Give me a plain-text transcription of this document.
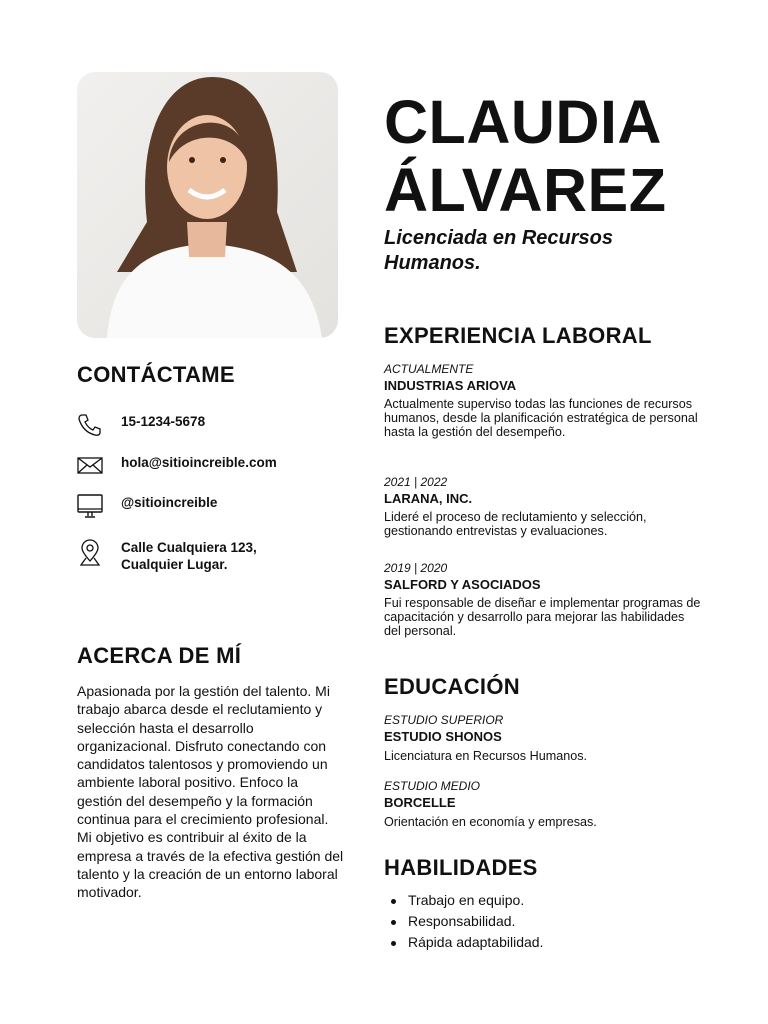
CLAUDIA
ÁLVAREZ
Licenciada en Recursos Humanos.
CONTÁCTAME
15-1234-5678
hola@sitioincreible.com
@sitioincreible
Calle Cualquiera 123, Cualquier Lugar.
ACERCA DE MÍ

Apasionada por la gestión del talento. Mi trabajo abarca desde el reclutamiento y selección hasta el desarrollo organizacional. Disfruto conectando con candidatos talentosos y promoviendo un ambiente laboral positivo. Enfoco la gestión del desempeño y la formación continua para el crecimiento profesional. Mi objetivo es contribuir al éxito de la empresa a través de la efectiva gestión del talento y la creación de un entorno laboral motivador.

EXPERIENCIA LABORAL
ACTUALMENTE
INDUSTRIAS ARIOVA
Actualmente superviso todas las funciones de recursos humanos, desde la planificación estratégica de personal hasta la gestión del desempeño.
2021 | 2022
LARANA, INC.
Lideré el proceso de reclutamiento y selección, gestionando entrevistas y evaluaciones.
2019 | 2020
SALFORD Y ASOCIADOS
Fui responsable de diseñar e implementar programas de capacitación y desarrollo para mejorar las habilidades del personal.
EDUCACIÓN
ESTUDIO SUPERIOR
ESTUDIO SHONOS
Licenciatura en Recursos Humanos.
ESTUDIO MEDIO
BORCELLE
Orientación en economía y empresas.
HABILIDADES
Trabajo en equipo.
Responsabilidad.
Rápida adaptabilidad.
